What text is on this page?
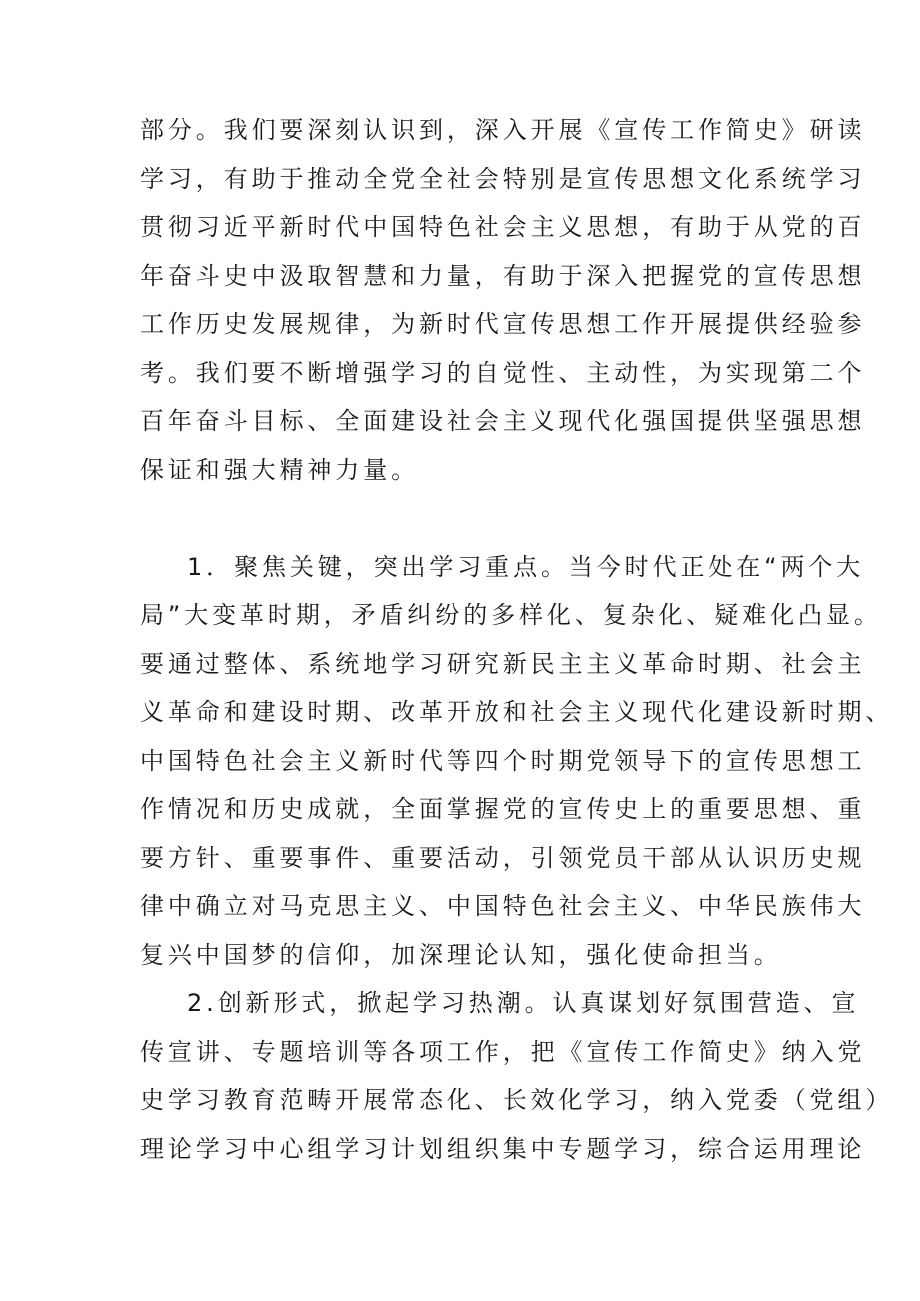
部分。我们要深刻认识到，深入开展《宣传工作简史》研读
学习，有助于推动全党全社会特别是宣传思想文化系统学习
贯彻习近平新时代中国特色社会主义思想，有助于从党的百
年奋斗史中汲取智慧和力量，有助于深入把握党的宣传思想
工作历史发展规律，为新时代宣传思想工作开展提供经验参
考。我们要不断增强学习的自觉性、主动性，为实现第二个
百年奋斗目标、全面建设社会主义现代化强国提供坚强思想
保证和强大精神力量。
1．聚焦关键，突出学习重点。当今时代正处在“两个大
局”大变革时期，矛盾纠纷的多样化、复杂化、疑难化凸显。
要通过整体、系统地学习研究新民主主义革命时期、社会主
义革命和建设时期、改革开放和社会主义现代化建设新时期、
中国特色社会主义新时代等四个时期党领导下的宣传思想工
作情况和历史成就，全面掌握党的宣传史上的重要思想、重
要方针、重要事件、重要活动，引领党员干部从认识历史规
律中确立对马克思主义、中国特色社会主义、中华民族伟大
复兴中国梦的信仰，加深理论认知，强化使命担当。
2.创新形式，掀起学习热潮。认真谋划好氛围营造、宣
传宣讲、专题培训等各项工作，把《宣传工作简史》纳入党
史学习教育范畴开展常态化、长效化学习，纳入党委（党组）
理论学习中心组学习计划组织集中专题学习，综合运用理论
